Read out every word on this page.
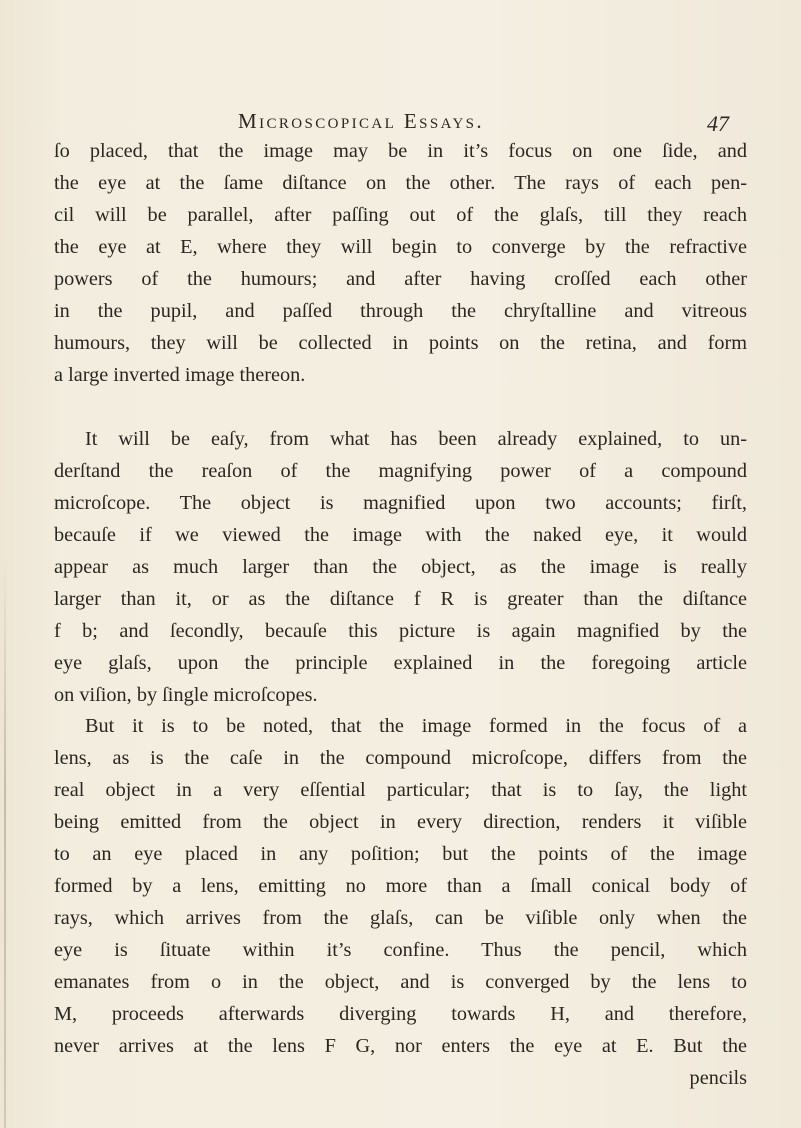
Microscopical Essays.	47
ſo placed, that the image may be in it’s focus on one ſide, and
the eye at the ſame diſtance on the other. The rays of each pen-
cil will be parallel, after paſſing out of the glaſs, till they reach
the eye at E, where they will begin to converge by the refractive
powers of the humours; and after having croſſed each other
in the pupil, and paſſed through the chryſtalline and vitreous
humours, they will be collected in points on the retina, and form
a large inverted image thereon.
It will be eaſy, from what has been already explained, to un-
derſtand the reaſon of the magnifying power of a compound
microſcope. The object is magnified upon two accounts; firſt,
becauſe if we viewed the image with the naked eye, it would
appear as much larger than the object, as the image is really
larger than it, or as the diſtance f R is greater than the diſtance
f b; and ſecondly, becauſe this picture is again magnified by the
eye glaſs, upon the principle explained in the foregoing article
on viſion, by ſingle microſcopes.
But it is to be noted, that the image formed in the focus of a
lens, as is the caſe in the compound microſcope, differs from the
real object in a very eſſential particular; that is to ſay, the light
being emitted from the object in every direction, renders it viſible
to an eye placed in any poſition; but the points of the image
formed by a lens, emitting no more than a ſmall conical body of
rays, which arrives from the glaſs, can be viſible only when the
eye is ſituate within it’s confine. Thus the pencil, which
emanates from o in the object, and is converged by the lens to
M, proceeds afterwards diverging towards H, and therefore,
never arrives at the lens F G, nor enters the eye at E. But the
pencils
